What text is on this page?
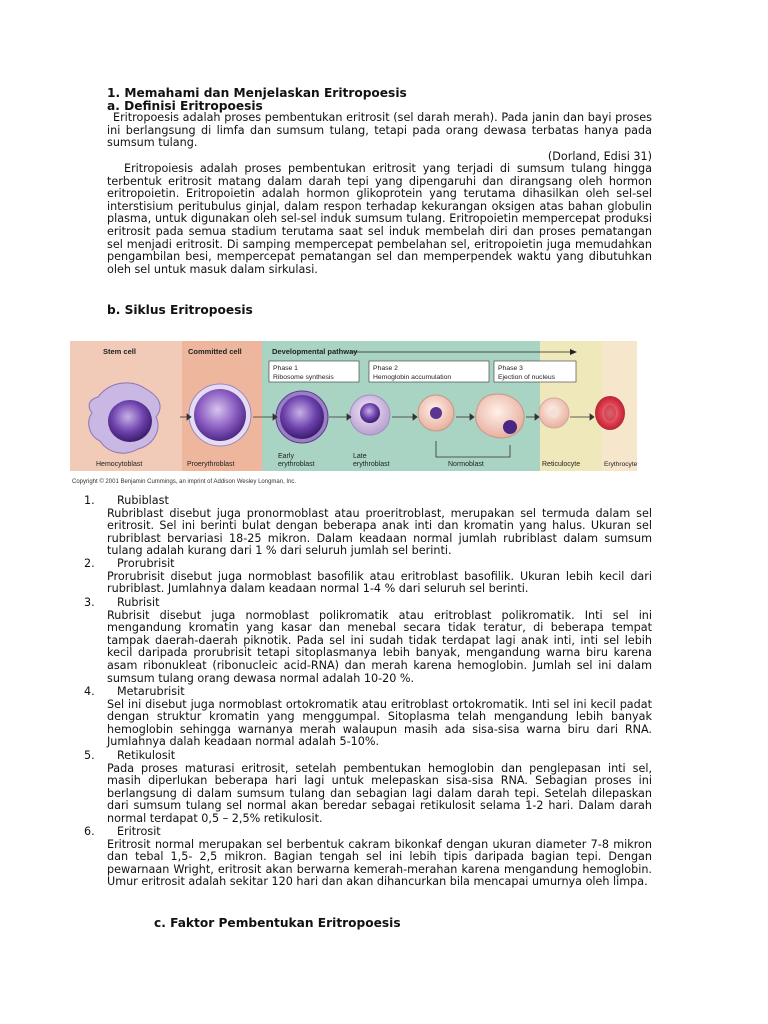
1. Memahami dan Menjelaskan Eritropoesis
a. Definisi Eritropoesis
Eritropoesis adalah proses pembentukan eritrosit (sel darah merah). Pada janin dan bayi proses ini berlangsung di limfa dan sumsum tulang, tetapi pada orang dewasa terbatas hanya pada sumsum tulang.
(Dorland, Edisi 31)
Eritropoiesis adalah proses pembentukan eritrosit yang terjadi di sumsum tulang hingga terbentuk eritrosit matang dalam darah tepi yang dipengaruhi dan dirangsang oleh hormon eritropoietin. Eritropoietin adalah hormon glikoprotein yang terutama dihasilkan oleh sel-sel interstisium peritubulus ginjal, dalam respon terhadap kekurangan oksigen atas bahan globulin plasma, untuk digunakan oleh sel-sel induk sumsum tulang. Eritropoietin mempercepat produksi eritrosit pada semua stadium terutama saat sel induk membelah diri dan proses pematangan sel menjadi eritrosit. Di samping mempercepat pembelahan sel, eritropoietin juga memudahkan pengambilan besi, mempercepat pematangan sel dan memperpendek waktu yang dibutuhkan oleh sel untuk masuk dalam sirkulasi.
b. Siklus Eritropoesis
Stem cell	Committed cell	Developmental pathway
Phase 1
Ribosome synthesis
Phase 2
Hemoglobin accumulation
Phase 3
Ejection of nucleus
Hemocytoblast	Proerythroblast
Early erythroblast
Late erythroblast	Normoblast	Reticulocyte	Erythrocyte
Copyright © 2001 Benjamin Cummings, an imprint of Addison Wesley Longman, Inc.
1. Rubiblast
Rubriblast disebut juga pronormoblast atau proeritroblast, merupakan sel termuda dalam sel eritrosit. Sel ini berinti bulat dengan beberapa anak inti dan kromatin yang halus. Ukuran sel rubriblast bervariasi 18-25 mikron. Dalam keadaan normal jumlah rubriblast dalam sumsum tulang adalah kurang dari 1 % dari seluruh jumlah sel berinti.
2. Prorubrisit
Prorubrisit disebut juga normoblast basofilik atau eritroblast basofilik. Ukuran lebih kecil dari rubriblast. Jumlahnya dalam keadaan normal 1-4 % dari seluruh sel berinti.
3. Rubrisit
Rubrisit disebut juga normoblast polikromatik atau eritroblast polikromatik. Inti sel ini mengandung kromatin yang kasar dan menebal secara tidak teratur, di beberapa tempat tampak daerah-daerah piknotik. Pada sel ini sudah tidak terdapat lagi anak inti, inti sel lebih kecil daripada prorubrisit tetapi sitoplasmanya lebih banyak, mengandung warna biru karena asam ribonukleat (ribonucleic acid-RNA) dan merah karena hemoglobin. Jumlah sel ini dalam sumsum tulang orang dewasa normal adalah 10-20 %.
4. Metarubrisit
Sel ini disebut juga normoblast ortokromatik atau eritroblast ortokromatik. Inti sel ini kecil padat dengan struktur kromatin yang menggumpal. Sitoplasma telah mengandung lebih banyak hemoglobin sehingga warnanya merah walaupun masih ada sisa-sisa warna biru dari RNA. Jumlahnya dalah keadaan normal adalah 5-10%.
5. Retikulosit
Pada proses maturasi eritrosit, setelah pembentukan hemoglobin dan penglepasan inti sel, masih diperlukan beberapa hari lagi untuk melepaskan sisa-sisa RNA. Sebagian proses ini berlangsung di dalam sumsum tulang dan sebagian lagi dalam darah tepi. Setelah dilepaskan dari sumsum tulang sel normal akan beredar sebagai retikulosit selama 1-2 hari. Dalam darah normal terdapat 0,5 – 2,5% retikulosit.
6. Eritrosit
Eritrosit normal merupakan sel berbentuk cakram bikonkaf dengan ukuran diameter 7-8 mikron dan tebal 1,5- 2,5 mikron. Bagian tengah sel ini lebih tipis daripada bagian tepi. Dengan pewarnaan Wright, eritrosit akan berwarna kemerah-merahan karena mengandung hemoglobin. Umur eritrosit adalah sekitar 120 hari dan akan dihancurkan bila mencapai umurnya oleh limpa.
c. Faktor Pembentukan Eritropoesis
